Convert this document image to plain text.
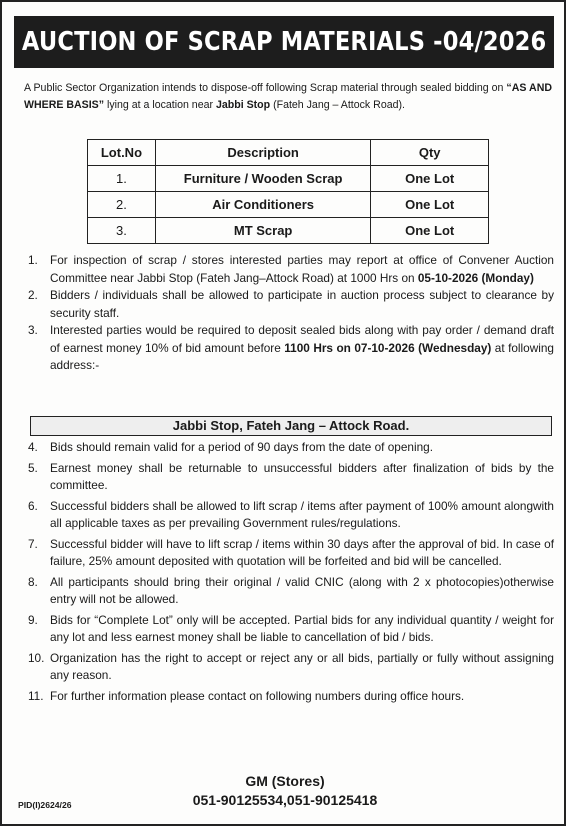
AUCTION OF SCRAP MATERIALS -04/2026

A Public Sector Organization intends to dispose-off following Scrap material through sealed bidding on “AS AND WHERE BASIS” lying at a location near Jabbi Stop (Fateh Jang – Attock Road).

Lot.No	Description	Qty
1.	Furniture / Wooden Scrap	One Lot
2.	Air Conditioners	One Lot
3.	MT Scrap	One Lot
1.	For inspection of scrap / stores interested parties may report at office of Convener Auction Committee near Jabbi Stop (Fateh Jang–Attock Road) at 1000 Hrs on 05-10-2026 (Monday)
2.	Bidders / individuals shall be allowed to participate in auction process subject to clearance by security staff.
3.	Interested parties would be required to deposit sealed bids along with pay order / demand draft of earnest money 10% of bid amount before 1100 Hrs on 07-10-2026 (Wednesday) at following address:-
Jabbi Stop, Fateh Jang – Attock Road.
4.	Bids should remain valid for a period of 90 days from the date of opening.
5.	Earnest money shall be returnable to unsuccessful bidders after finalization of bids by the committee.
6.	Successful bidders shall be allowed to lift scrap / items after payment of 100% amount alongwith all applicable taxes as per prevailing Government rules/regulations.
7.	Successful bidder will have to lift scrap / items within 30 days after the approval of bid. In case of failure, 25% amount deposited with quotation will be forfeited and bid will be cancelled.
8.	All participants should bring their original / valid CNIC (along with 2 x photocopies)otherwise entry will not be allowed.
9.	Bids for “Complete Lot” only will be accepted. Partial bids for any individual quantity / weight for any lot and less earnest money shall be liable to cancellation of bid / bids.
10. Organization has the right to accept or reject any or all bids, partially or fully without assigning any reason.
11. For further information please contact on following numbers during office hours.
GM (Stores)
051-90125534,051-90125418
PID(I)2624/26
